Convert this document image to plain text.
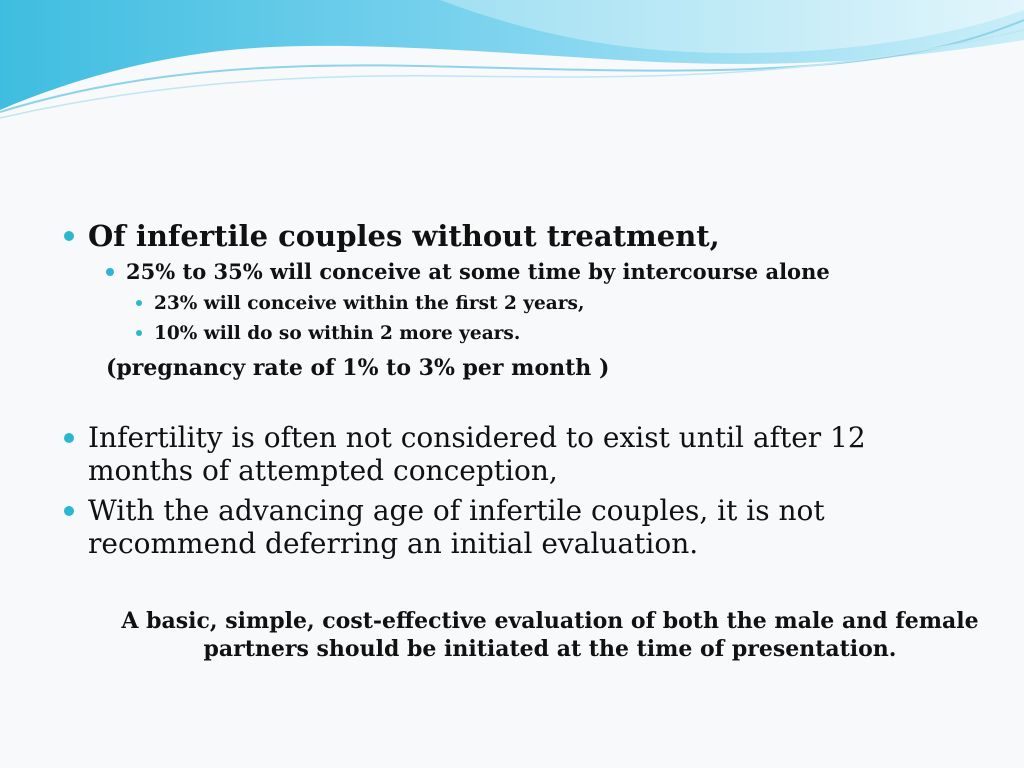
Of infertile couples without treatment,
25% to 35% will conceive at some time by intercourse alone
23% will conceive within the first 2 years,
10% will do so within 2 more years.
(pregnancy rate of 1% to 3% per month )
Infertility is often not considered to exist until after 12 months of attempted conception,
With the advancing age of infertile couples, it is not recommend deferring an initial evaluation.
A basic, simple, cost-effective evaluation of both the male and female partners should be initiated at the time of presentation.
